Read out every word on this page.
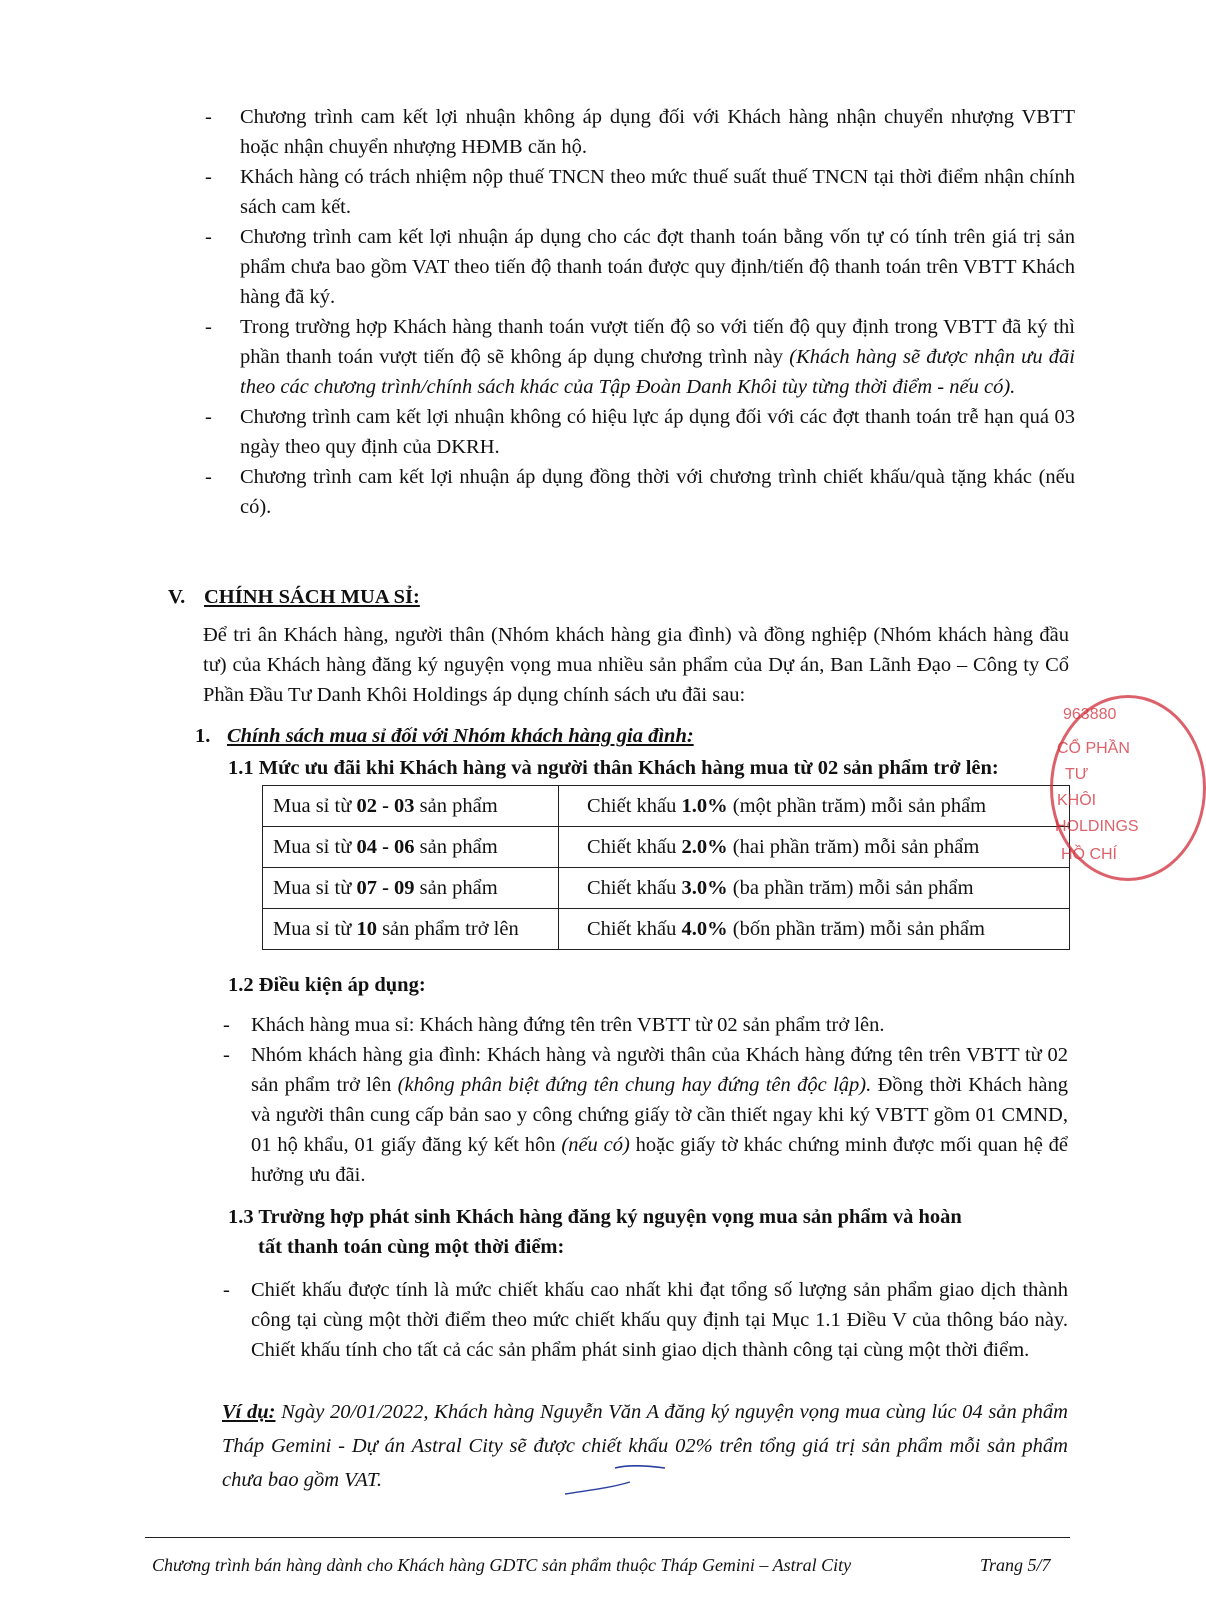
-	Chương trình cam kết lợi nhuận không áp dụng đối với Khách hàng nhận chuyển nhượng VBTT hoặc nhận chuyển nhượng HĐMB căn hộ.

-	Khách hàng có trách nhiệm nộp thuế TNCN theo mức thuế suất thuế TNCN tại thời điểm nhận chính sách cam kết.

-	Chương trình cam kết lợi nhuận áp dụng cho các đợt thanh toán bằng vốn tự có tính trên giá trị sản phẩm chưa bao gồm VAT theo tiến độ thanh toán được quy định/tiến độ thanh toán trên VBTT Khách hàng đã ký.

-	Trong trường hợp Khách hàng thanh toán vượt tiến độ so với tiến độ quy định trong VBTT đã ký thì phần thanh toán vượt tiến độ sẽ không áp dụng chương trình này (Khách hàng sẽ được nhận ưu đãi theo các chương trình/chính sách khác của Tập Đoàn Danh Khôi tùy từng thời điểm - nếu có).

-	Chương trình cam kết lợi nhuận không có hiệu lực áp dụng đối với các đợt thanh toán trễ hạn quá 03 ngày theo quy định của DKRH.

-	Chương trình cam kết lợi nhuận áp dụng đồng thời với chương trình chiết khấu/quà tặng khác (nếu có).

V. CHÍNH SÁCH MUA SỈ:
Để tri ân Khách hàng, người thân (Nhóm khách hàng gia đình) và đồng nghiệp (Nhóm khách hàng đầu tư) của Khách hàng đăng ký nguyện vọng mua nhiều sản phẩm của Dự án, Ban Lãnh Đạo – Công ty Cổ Phần Đầu Tư Danh Khôi Holdings áp dụng chính sách ưu đãi sau:
1. Chính sách mua sỉ đối với Nhóm khách hàng gia đình:
1.1 Mức ưu đãi khi Khách hàng và người thân Khách hàng mua từ 02 sản phẩm trở lên:
Mua sỉ từ 02 - 03 sản phẩm	Chiết khấu 1.0% (một phần trăm) mỗi sản phẩm
Mua sỉ từ 04 - 06 sản phẩm	Chiết khấu 2.0% (hai phần trăm) mỗi sản phẩm
Mua sỉ từ 07 - 09 sản phẩm	Chiết khấu 3.0% (ba phần trăm) mỗi sản phẩm
Mua sỉ từ 10 sản phẩm trở lên	Chiết khấu 4.0% (bốn phần trăm) mỗi sản phẩm
1.2 Điều kiện áp dụng:

-	Khách hàng mua sỉ: Khách hàng đứng tên trên VBTT từ 02 sản phẩm trở lên.

-	Nhóm khách hàng gia đình: Khách hàng và người thân của Khách hàng đứng tên trên VBTT từ 02 sản phẩm trở lên (không phân biệt đứng tên chung hay đứng tên độc lập). Đồng thời Khách hàng và người thân cung cấp bản sao y công chứng giấy tờ cần thiết ngay khi ký VBTT gồm 01 CMND, 01 hộ khẩu, 01 giấy đăng ký kết hôn (nếu có) hoặc giấy tờ khác chứng minh được mối quan hệ để hưởng ưu đãi.

1.3 Trường hợp phát sinh Khách hàng đăng ký nguyện vọng mua sản phẩm và hoàn
tất thanh toán cùng một thời điểm:

-	Chiết khấu được tính là mức chiết khấu cao nhất khi đạt tổng số lượng sản phẩm giao dịch thành công tại cùng một thời điểm theo mức chiết khấu quy định tại Mục 1.1 Điều V của thông báo này. Chiết khấu tính cho tất cả các sản phẩm phát sinh giao dịch thành công tại cùng một thời điểm.

Ví dụ: Ngày 20/01/2022, Khách hàng Nguyễn Văn A đăng ký nguyện vọng mua cùng lúc 04 sản phẩm Tháp Gemini - Dự án Astral City sẽ được chiết khấu 02% trên tổng giá trị sản phẩm mỗi sản phẩm chưa bao gồm VAT.
963880
CỔ PHẦN
TƯ
KHÔI
HOLDINGS
HỒ CHÍ
Chương trình bán hàng dành cho Khách hàng GDTC sản phẩm thuộc Tháp Gemini – Astral City	Trang 5/7
